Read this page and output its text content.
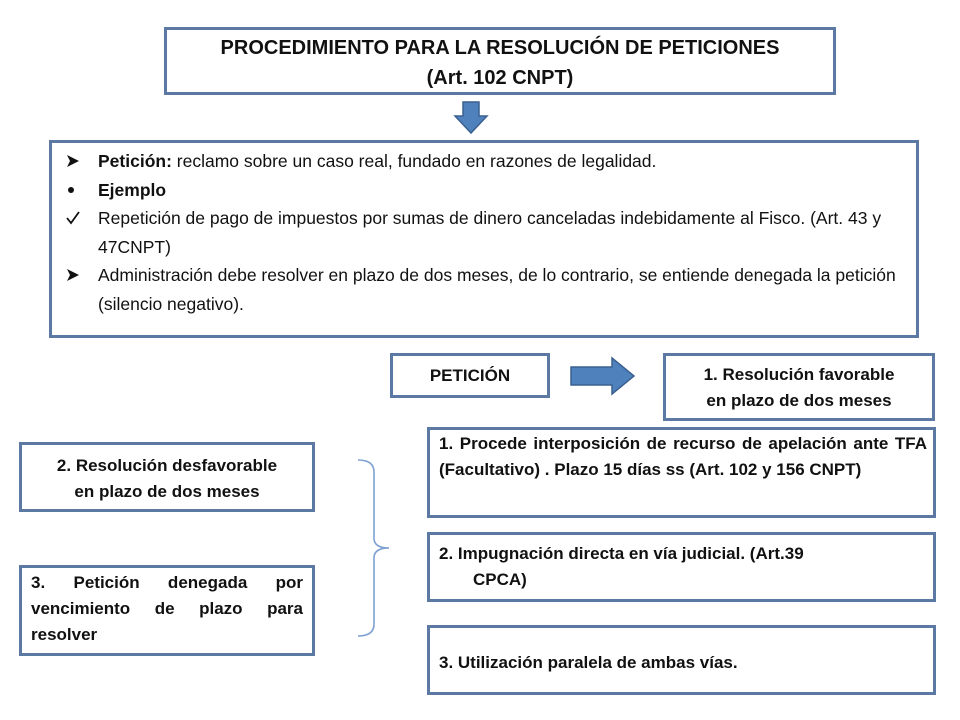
PROCEDIMIENTO PARA LA RESOLUCIÓN DE PETICIONES
(Art. 102 CNPT)
Petición: reclamo sobre un caso real, fundado en razones de legalidad.
Ejemplo
Repetición de pago de impuestos por sumas de dinero canceladas indebidamente al Fisco. (Art. 43 y 47CNPT)
Administración debe resolver en plazo de dos meses, de lo contrario, se entiende denegada la petición (silencio negativo).
PETICIÓN	1. Resolución favorable
en plazo de dos meses
2. Resolución desfavorable
en plazo de dos meses
3. Petición denegada por vencimiento de plazo para resolver
1. Procede interposición de recurso de apelación ante TFA (Facultativo) . Plazo 15 días ss (Art. 102 y 156 CNPT)
2. Impugnación directa en vía judicial. (Art.39
CPCA)
3. Utilización paralela de ambas vías.
